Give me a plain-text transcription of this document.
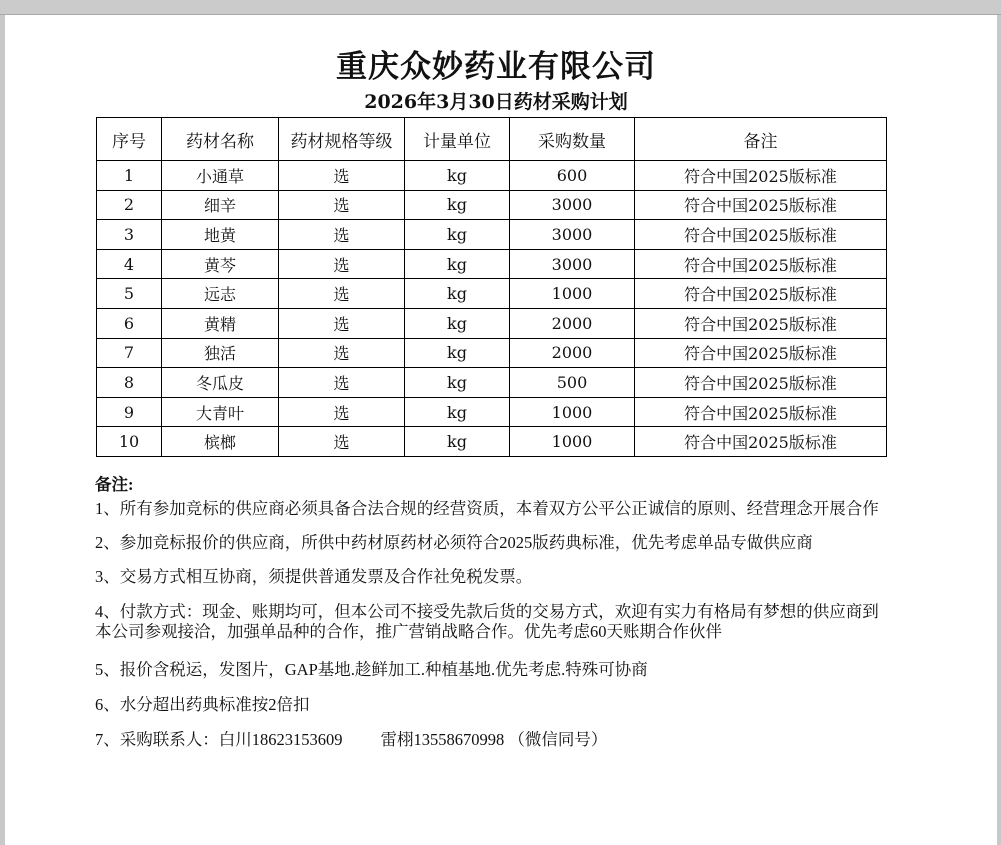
重庆众妙药业有限公司
2026年3月30日药材采购计划
序号	药材名称	药材规格等级	计量单位	采购数量	备注
1	小通草	选	kg	600	符合中国2025版标准
2	细辛	选	kg	3000	符合中国2025版标准
3	地黄	选	kg	3000	符合中国2025版标准
4	黄芩	选	kg	3000	符合中国2025版标准
5	远志	选	kg	1000	符合中国2025版标准
6	黄精	选	kg	2000	符合中国2025版标准
7	独活	选	kg	2000	符合中国2025版标准
8	冬瓜皮	选	kg	500	符合中国2025版标准
9	大青叶	选	kg	1000	符合中国2025版标准
10	槟榔	选	kg	1000	符合中国2025版标准
备注:
1、所有参加竞标的供应商必须具备合法合规的经营资质，本着双方公平公正诚信的原则、经营理念开展合作
2、参加竞标报价的供应商，所供中药材原药材必须符合2025版药典标准，优先考虑单品专做供应商
3、交易方式相互协商，须提供普通发票及合作社免税发票。
4、付款方式：现金、账期均可，但本公司不接受先款后货的交易方式，欢迎有实力有格局有梦想的供应商到本公司参观接洽，加强单品种的合作，推广营销战略合作。优先考虑60天账期合作伙伴
5、报价含税运，发图片，GAP基地.趁鲜加工.种植基地.优先考虑.特殊可协商
6、水分超出药典标准按2倍扣
7、采购联系人：白川18623153609 雷栩13558670998 （微信同号）
